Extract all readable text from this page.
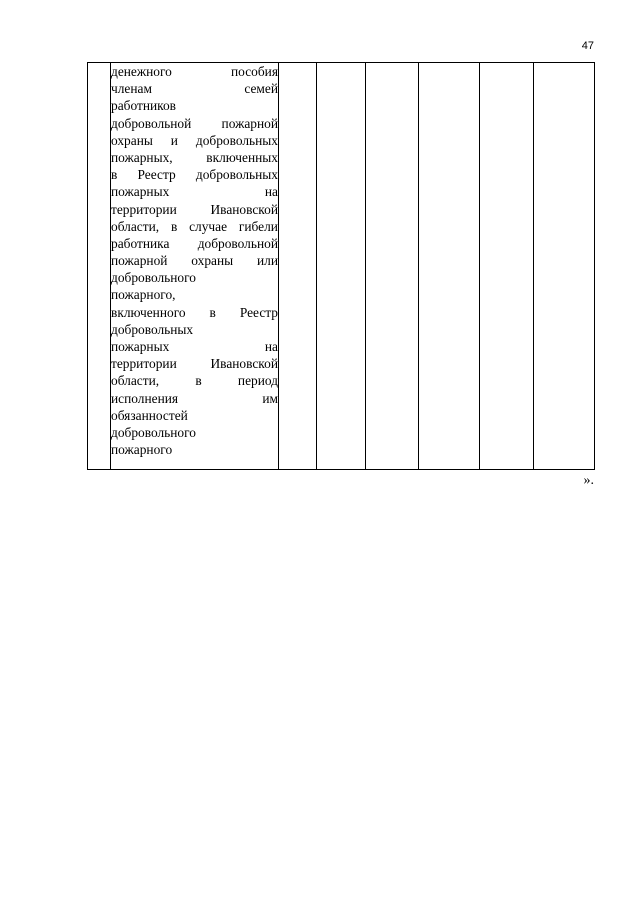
47

денежного	пособия
членам	семей
работников
добровольной пожарной
охраны и добровольных
пожарных,	включенных
в Реестр добровольных
пожарных	на
территории	Ивановской
области, в случае гибели
работника добровольной
пожарной охраны или
добровольного
пожарного,
включенного в Реестр
добровольных
пожарных	на
территории	Ивановской
области,	в	период
исполнения	им
обязанностей
добровольного
пожарного

».
